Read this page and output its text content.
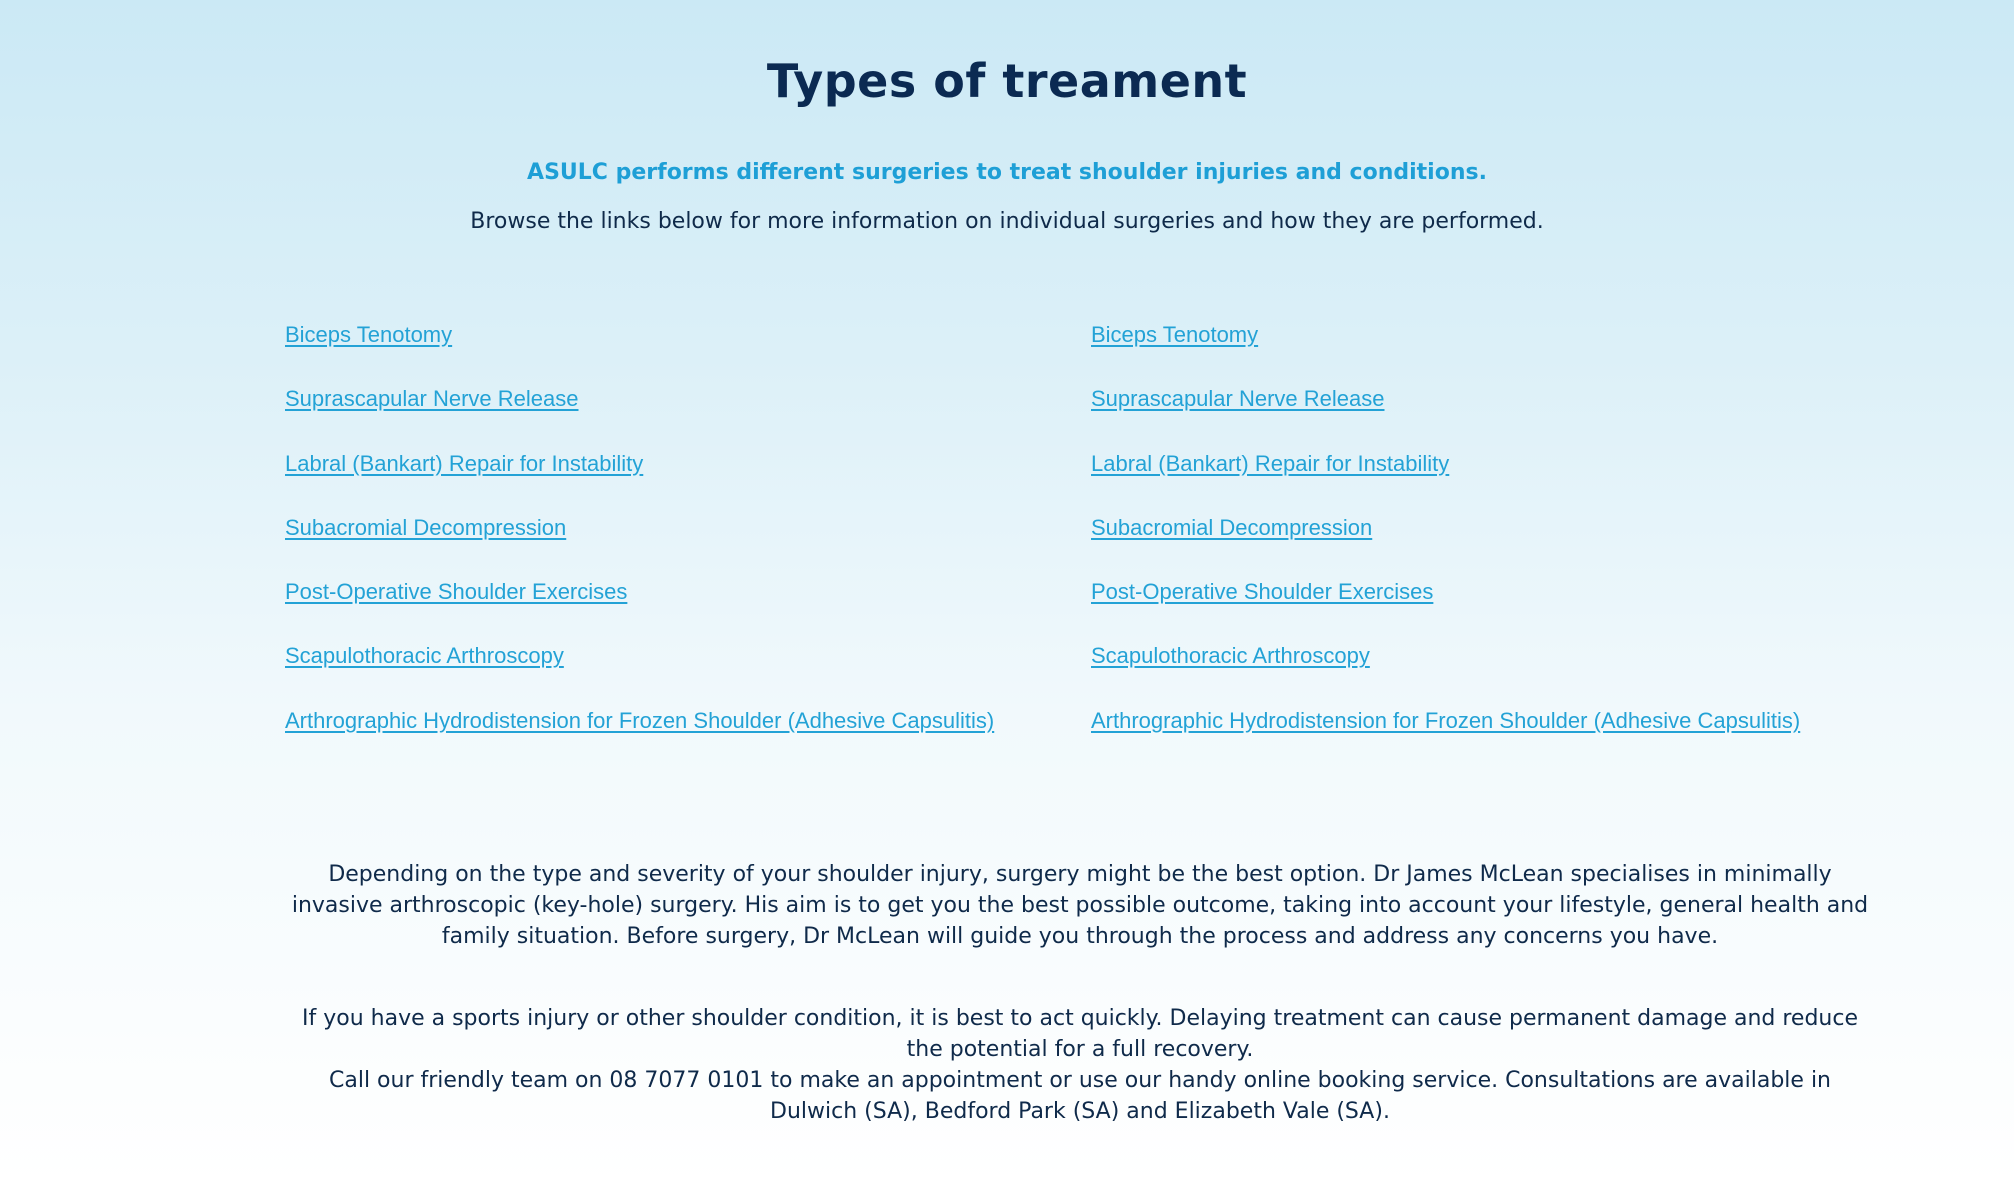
Types of treament

ASULC performs different surgeries to treat shoulder injuries and conditions.

Browse the links below for more information on individual surgeries and how they are performed.

Biceps Tenotomy
Suprascapular Nerve Release
Labral (Bankart) Repair for Instability
Subacromial Decompression
Post-Operative Shoulder Exercises
Scapulothoracic Arthroscopy
Arthrographic Hydrodistension for Frozen Shoulder (Adhesive Capsulitis)
Biceps Tenotomy
Suprascapular Nerve Release
Labral (Bankart) Repair for Instability
Subacromial Decompression
Post-Operative Shoulder Exercises
Scapulothoracic Arthroscopy
Arthrographic Hydrodistension for Frozen Shoulder (Adhesive Capsulitis)

Depending on the type and severity of your shoulder injury, surgery might be the best option. Dr James McLean specialises in minimally invasive arthroscopic (key-hole) surgery. His aim is to get you the best possible outcome, taking into account your lifestyle, general health and family situation. Before surgery, Dr McLean will guide you through the process and address any concerns you have.

If you have a sports injury or other shoulder condition, it is best to act quickly. Delaying treatment can cause permanent damage and reduce the potential for a full recovery.

Call our friendly team on 08 7077 0101 to make an appointment or use our handy online booking service. Consultations are available in Dulwich (SA), Bedford Park (SA) and Elizabeth Vale (SA).
